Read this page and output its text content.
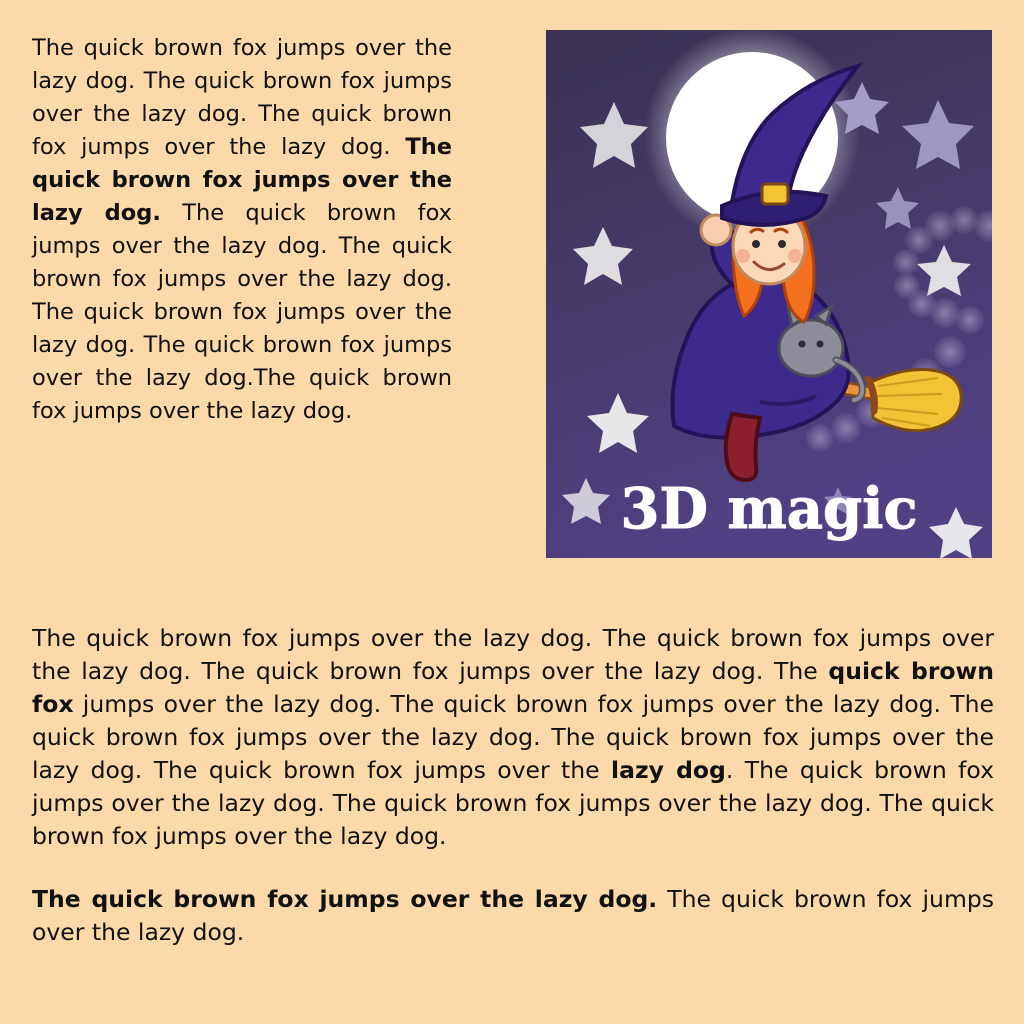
The quick brown fox jumps over the lazy dog. The quick brown fox jumps over the lazy dog. The quick brown fox jumps over the lazy dog. The quick brown fox jumps over the lazy dog. The quick brown fox jumps over the lazy dog. The quick brown fox jumps over the lazy dog. The quick brown fox jumps over the lazy dog. The quick brown fox jumps over the lazy dog.The quick brown fox jumps over the lazy dog.
3D magic

The quick brown fox jumps over the lazy dog. The quick brown fox jumps over the lazy dog. The quick brown fox jumps over the lazy dog. The quick brown fox jumps over the lazy dog. The quick brown fox jumps over the lazy dog. The quick brown fox jumps over the lazy dog. The quick brown fox jumps over the lazy dog. The quick brown fox jumps over the lazy dog. The quick brown fox jumps over the lazy dog. The quick brown fox jumps over the lazy dog. The quick brown fox jumps over the lazy dog.

The quick brown fox jumps over the lazy dog. The quick brown fox jumps over the lazy dog.
